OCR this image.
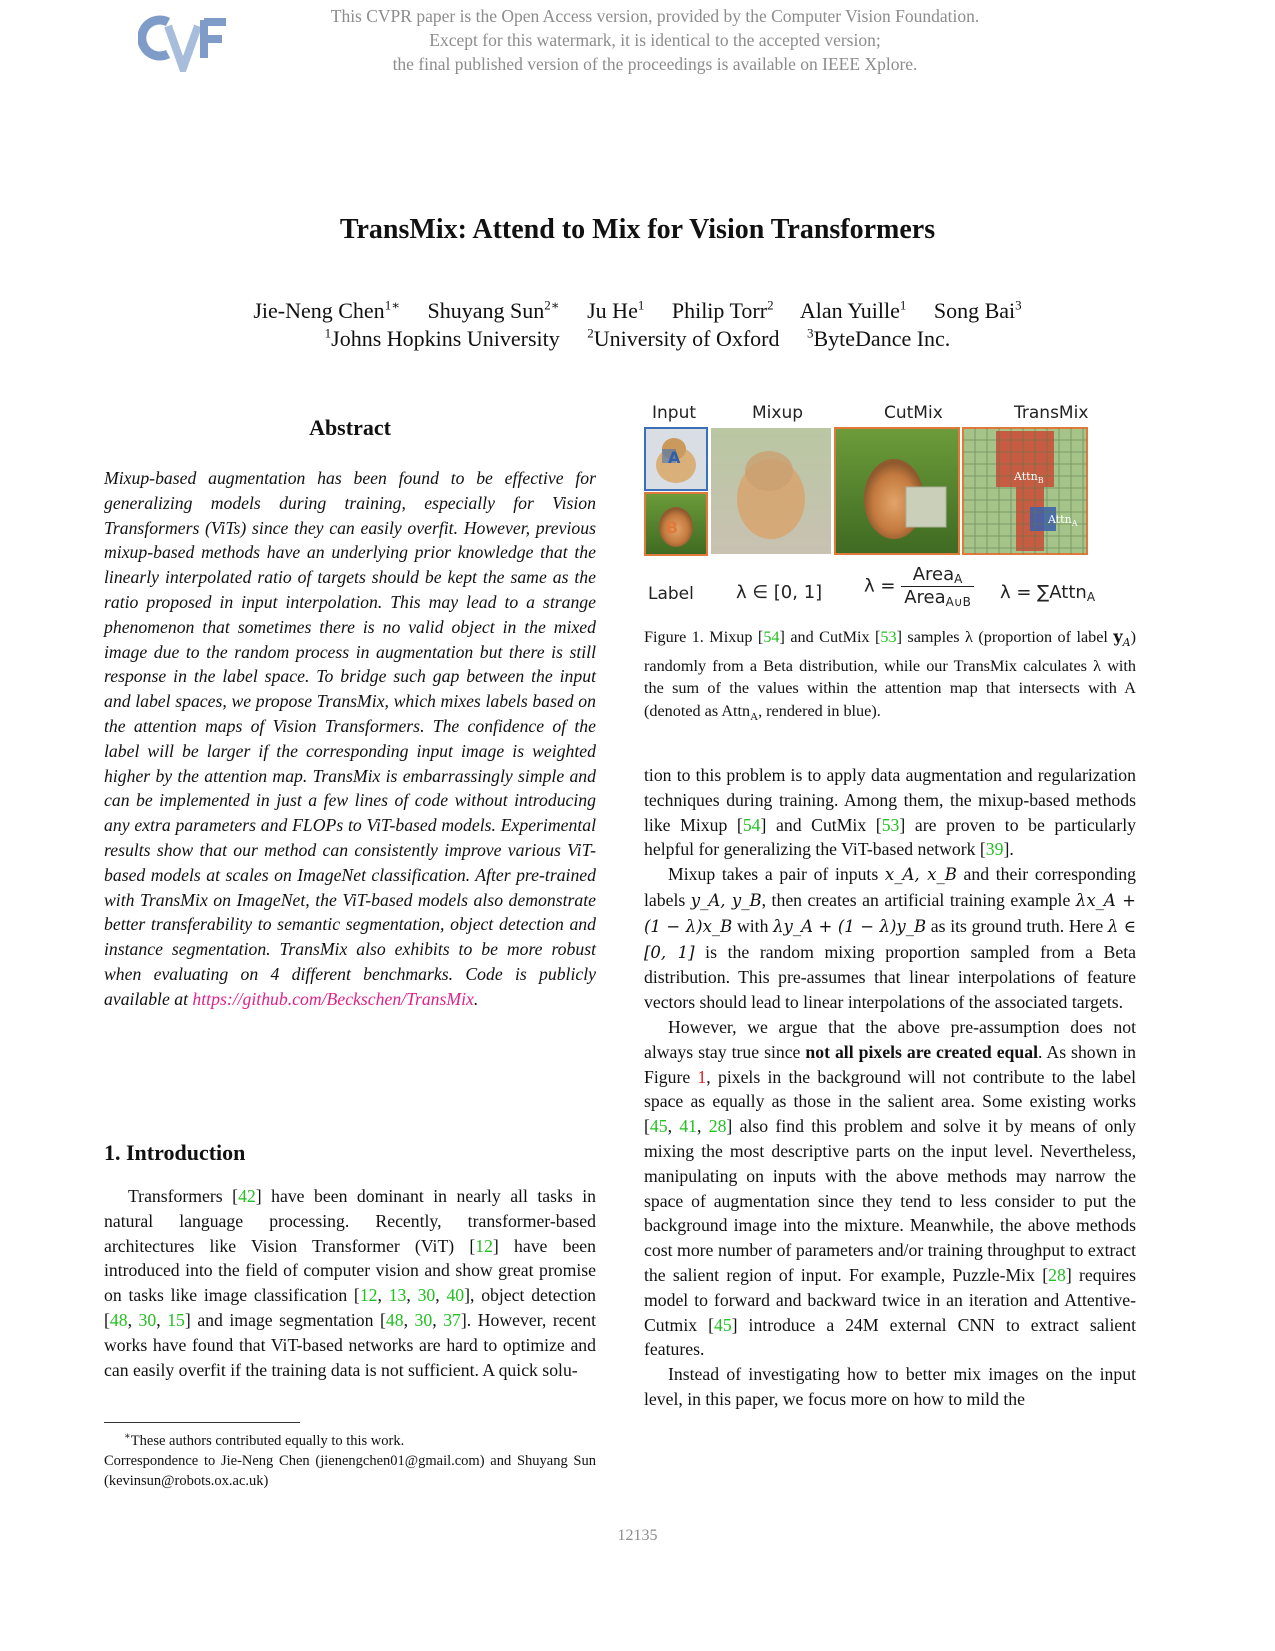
This CVPR paper is the Open Access version, provided by the Computer Vision Foundation.
Except for this watermark, it is identical to the accepted version;
the final published version of the proceedings is available on IEEE Xplore.
TransMix: Attend to Mix for Vision Transformers
Jie-Neng Chen$^{1∗}$ Shuyang Sun$^{2∗}$ Ju He$^1$ Philip Torr$^2$ Alan Yuille$^1$ Song Bai$^3$
$^1$Johns Hopkins University $^2$University of Oxford $^3$ByteDance Inc.
Abstract
Mixup-based augmentation has been found to be effective for generalizing models during training, especially for Vision Transformers (ViTs) since they can easily overfit. However, previous mixup-based methods have an underlying prior knowledge that the linearly interpolated ratio of targets should be kept the same as the ratio proposed in input interpolation. This may lead to a strange phenomenon that sometimes there is no valid object in the mixed image due to the random process in augmentation but there is still response in the label space. To bridge such gap between the input and label spaces, we propose TransMix, which mixes labels based on the attention maps of Vision Transformers. The confidence of the label will be larger if the corresponding input image is weighted higher by the attention map. TransMix is embarrassingly simple and can be implemented in just a few lines of code without introducing any extra parameters and FLOPs to ViT-based models. Experimental results show that our method can consistently improve various ViT-based models at scales on ImageNet classification. After pre-trained with TransMix on ImageNet, the ViT-based models also demonstrate better transferability to semantic segmentation, object detection and instance segmentation. TransMix also exhibits to be more robust when evaluating on 4 different benchmarks. Code is publicly available at https://github.com/Beckschen/TransMix.
1. Introduction
Transformers [42] have been dominant in nearly all tasks in natural language processing. Recently, transformer-based architectures like Vision Transformer (ViT) [12] have been introduced into the field of computer vision and show great promise on tasks like image classification [12, 13, 30, 40], object detection [48, 30, 15] and image segmentation [48, 30, 37]. However, recent works have found that ViT-based networks are hard to optimize and can easily overfit if the training data is not sufficient. A quick solu-
∗These authors contributed equally to this work.
Correspondence to Jie-Neng Chen (jienengchen01@gmail.com) and Shuyang Sun (kevinsun@robots.ox.ac.uk)
Input	Mixup	CutMix	TransMix
A
B
Attn$_B$
Attn$_A$
Label λ ∈ [0, 1] $\lambda = \frac{Area_A}{Area_{A\cup B}}$ λ = ∑Attn$_A$
Figure 1. Mixup [54] and CutMix [53] samples λ (proportion of label $y_A$) randomly from a Beta distribution, while our TransMix calculates λ with the sum of the values within the attention map that intersects with A (denoted as Attn$_A$, rendered in blue).
tion to this problem is to apply data augmentation and regularization techniques during training. Among them, the mixup-based methods like Mixup [54] and CutMix [53] are proven to be particularly helpful for generalizing the ViT-based network [39].
Mixup takes a pair of inputs x_A, x_B and their corresponding labels y_A, y_B, then creates an artificial training example λx_A + (1 − λ)x_B with λy_A + (1 − λ)y_B as its ground truth. Here λ ∈ [0, 1] is the random mixing proportion sampled from a Beta distribution. This pre-assumes that linear interpolations of feature vectors should lead to linear interpolations of the associated targets.
However, we argue that the above pre-assumption does not always stay true since not all pixels are created equal. As shown in Figure 1, pixels in the background will not contribute to the label space as equally as those in the salient area. Some existing works [45, 41, 28] also find this problem and solve it by means of only mixing the most descriptive parts on the input level. Nevertheless, manipulating on inputs with the above methods may narrow the space of augmentation since they tend to less consider to put the background image into the mixture. Meanwhile, the above methods cost more number of parameters and/or training throughput to extract the salient region of input. For example, Puzzle-Mix [28] requires model to forward and backward twice in an iteration and Attentive-Cutmix [45] introduce a 24M external CNN to extract salient features.
Instead of investigating how to better mix images on the input level, in this paper, we focus more on how to mild the
12135
